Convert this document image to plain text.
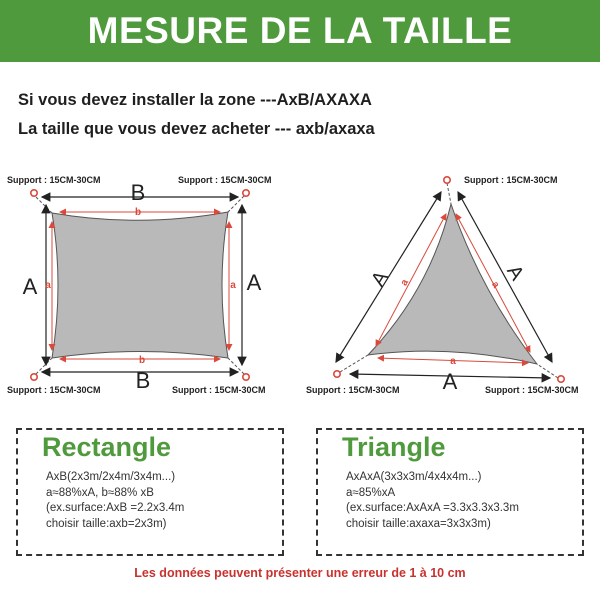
MESURE DE LA TAILLE

Si vous devez installer la zone ---AxB/AXAXA

La taille que vous devez acheter --- axb/axaxa

B
B
A	A
b
b
a	a
Support : 15CM-30CM	Support : 15CM-30CM
Support : 15CM-30CM	Support : 15CM-30CM
A	A
A
a	a
a
Support : 15CM-30CM
Support : 15CM-30CM	Support : 15CM-30CM
Rectangle
AxB(2x3m/2x4m/3x4m...)
a≈88%xA, b≈88% xB
(ex.surface:AxB =2.2x3.4m
choisir taille:axb=2x3m)
Triangle
AxAxA(3x3x3m/4x4x4m...)
a≈85%xA
(ex.surface:AxAxA =3.3x3.3x3.3m
choisir taille:axaxa=3x3x3m)
Les données peuvent présenter une erreur de 1 à 10 cm
